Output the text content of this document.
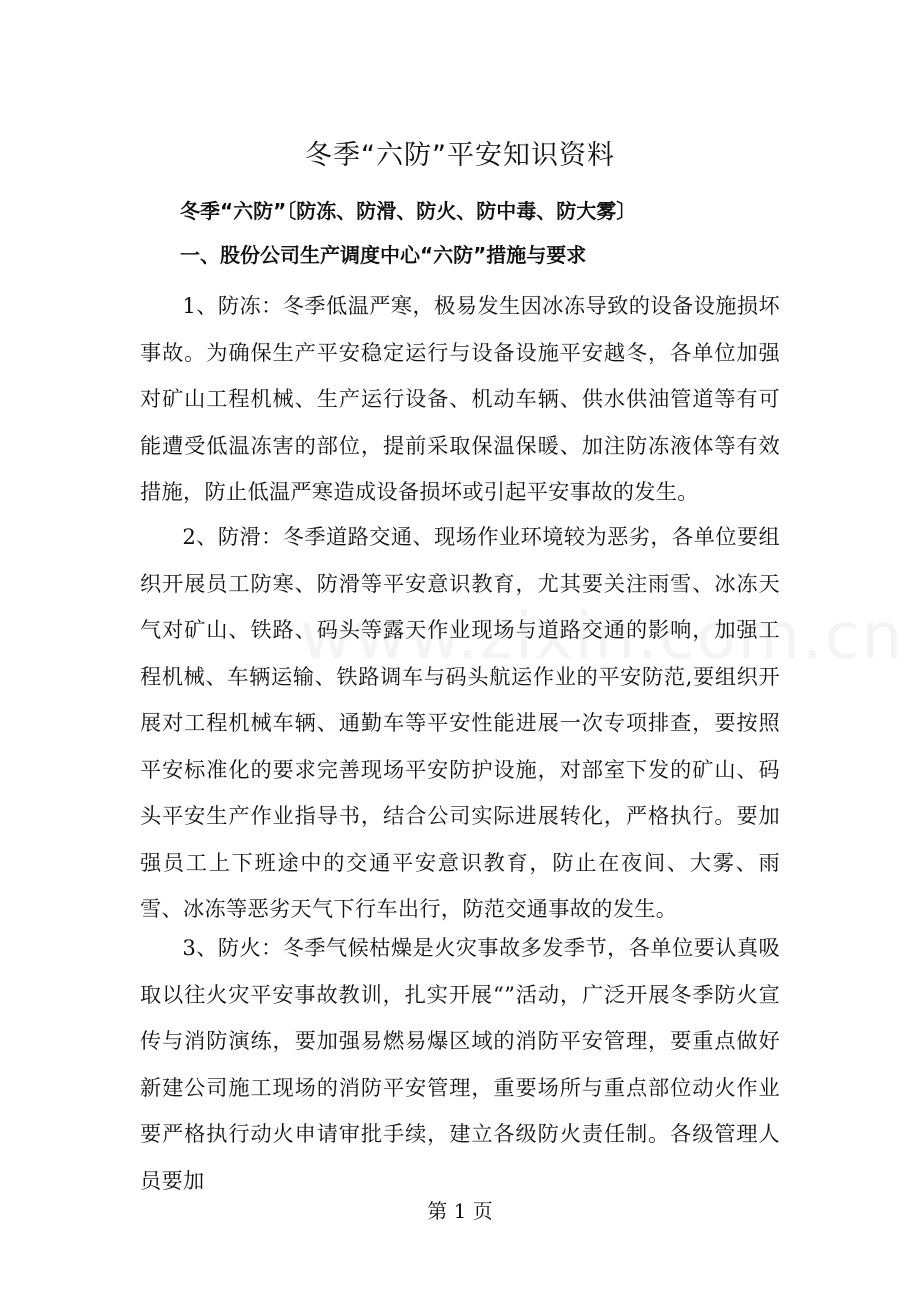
冬季“六防”平安知识资料

冬季“六防”〔防冻、防滑、防火、防中毒、防大雾〕

一、股份公司生产调度中心“六防”措施与要求

1、防冻：冬季低温严寒，极易发生因冰冻导致的设备设施损坏事故。为确保生产平安稳定运行与设备设施平安越冬，各单位加强对矿山工程机械、生产运行设备、机动车辆、供水供油管道等有可能遭受低温冻害的部位，提前采取保温保暖、加注防冻液体等有效措施，防止低温严寒造成设备损坏或引起平安事故的发生。

2、防滑：冬季道路交通、现场作业环境较为恶劣，各单位要组织开展员工防寒、防滑等平安意识教育，尤其要关注雨雪、冰冻天气对矿山、铁路、码头等露天作业现场与道路交通的影响，加强工程机械、车辆运输、铁路调车与码头航运作业的平安防范,要组织开展对工程机械车辆、通勤车等平安性能进展一次专项排查，要按照平安标准化的要求完善现场平安防护设施，对部室下发的矿山、码头平安生产作业指导书，结合公司实际进展转化，严格执行。要加强员工上下班途中的交通平安意识教育，防止在夜间、大雾、雨雪、冰冻等恶劣天气下行车出行，防范交通事故的发生。

3、防火：冬季气候枯燥是火灾事故多发季节，各单位要认真吸取以往火灾平安事故教训，扎实开展“”活动，广泛开展冬季防火宣传与消防演练，要加强易燃易爆区域的消防平安管理，要重点做好新建公司施工现场的消防平安管理，重要场所与重点部位动火作业要严格执行动火申请审批手续，建立各级防火责任制。各级管理人员要加

第 1 页
